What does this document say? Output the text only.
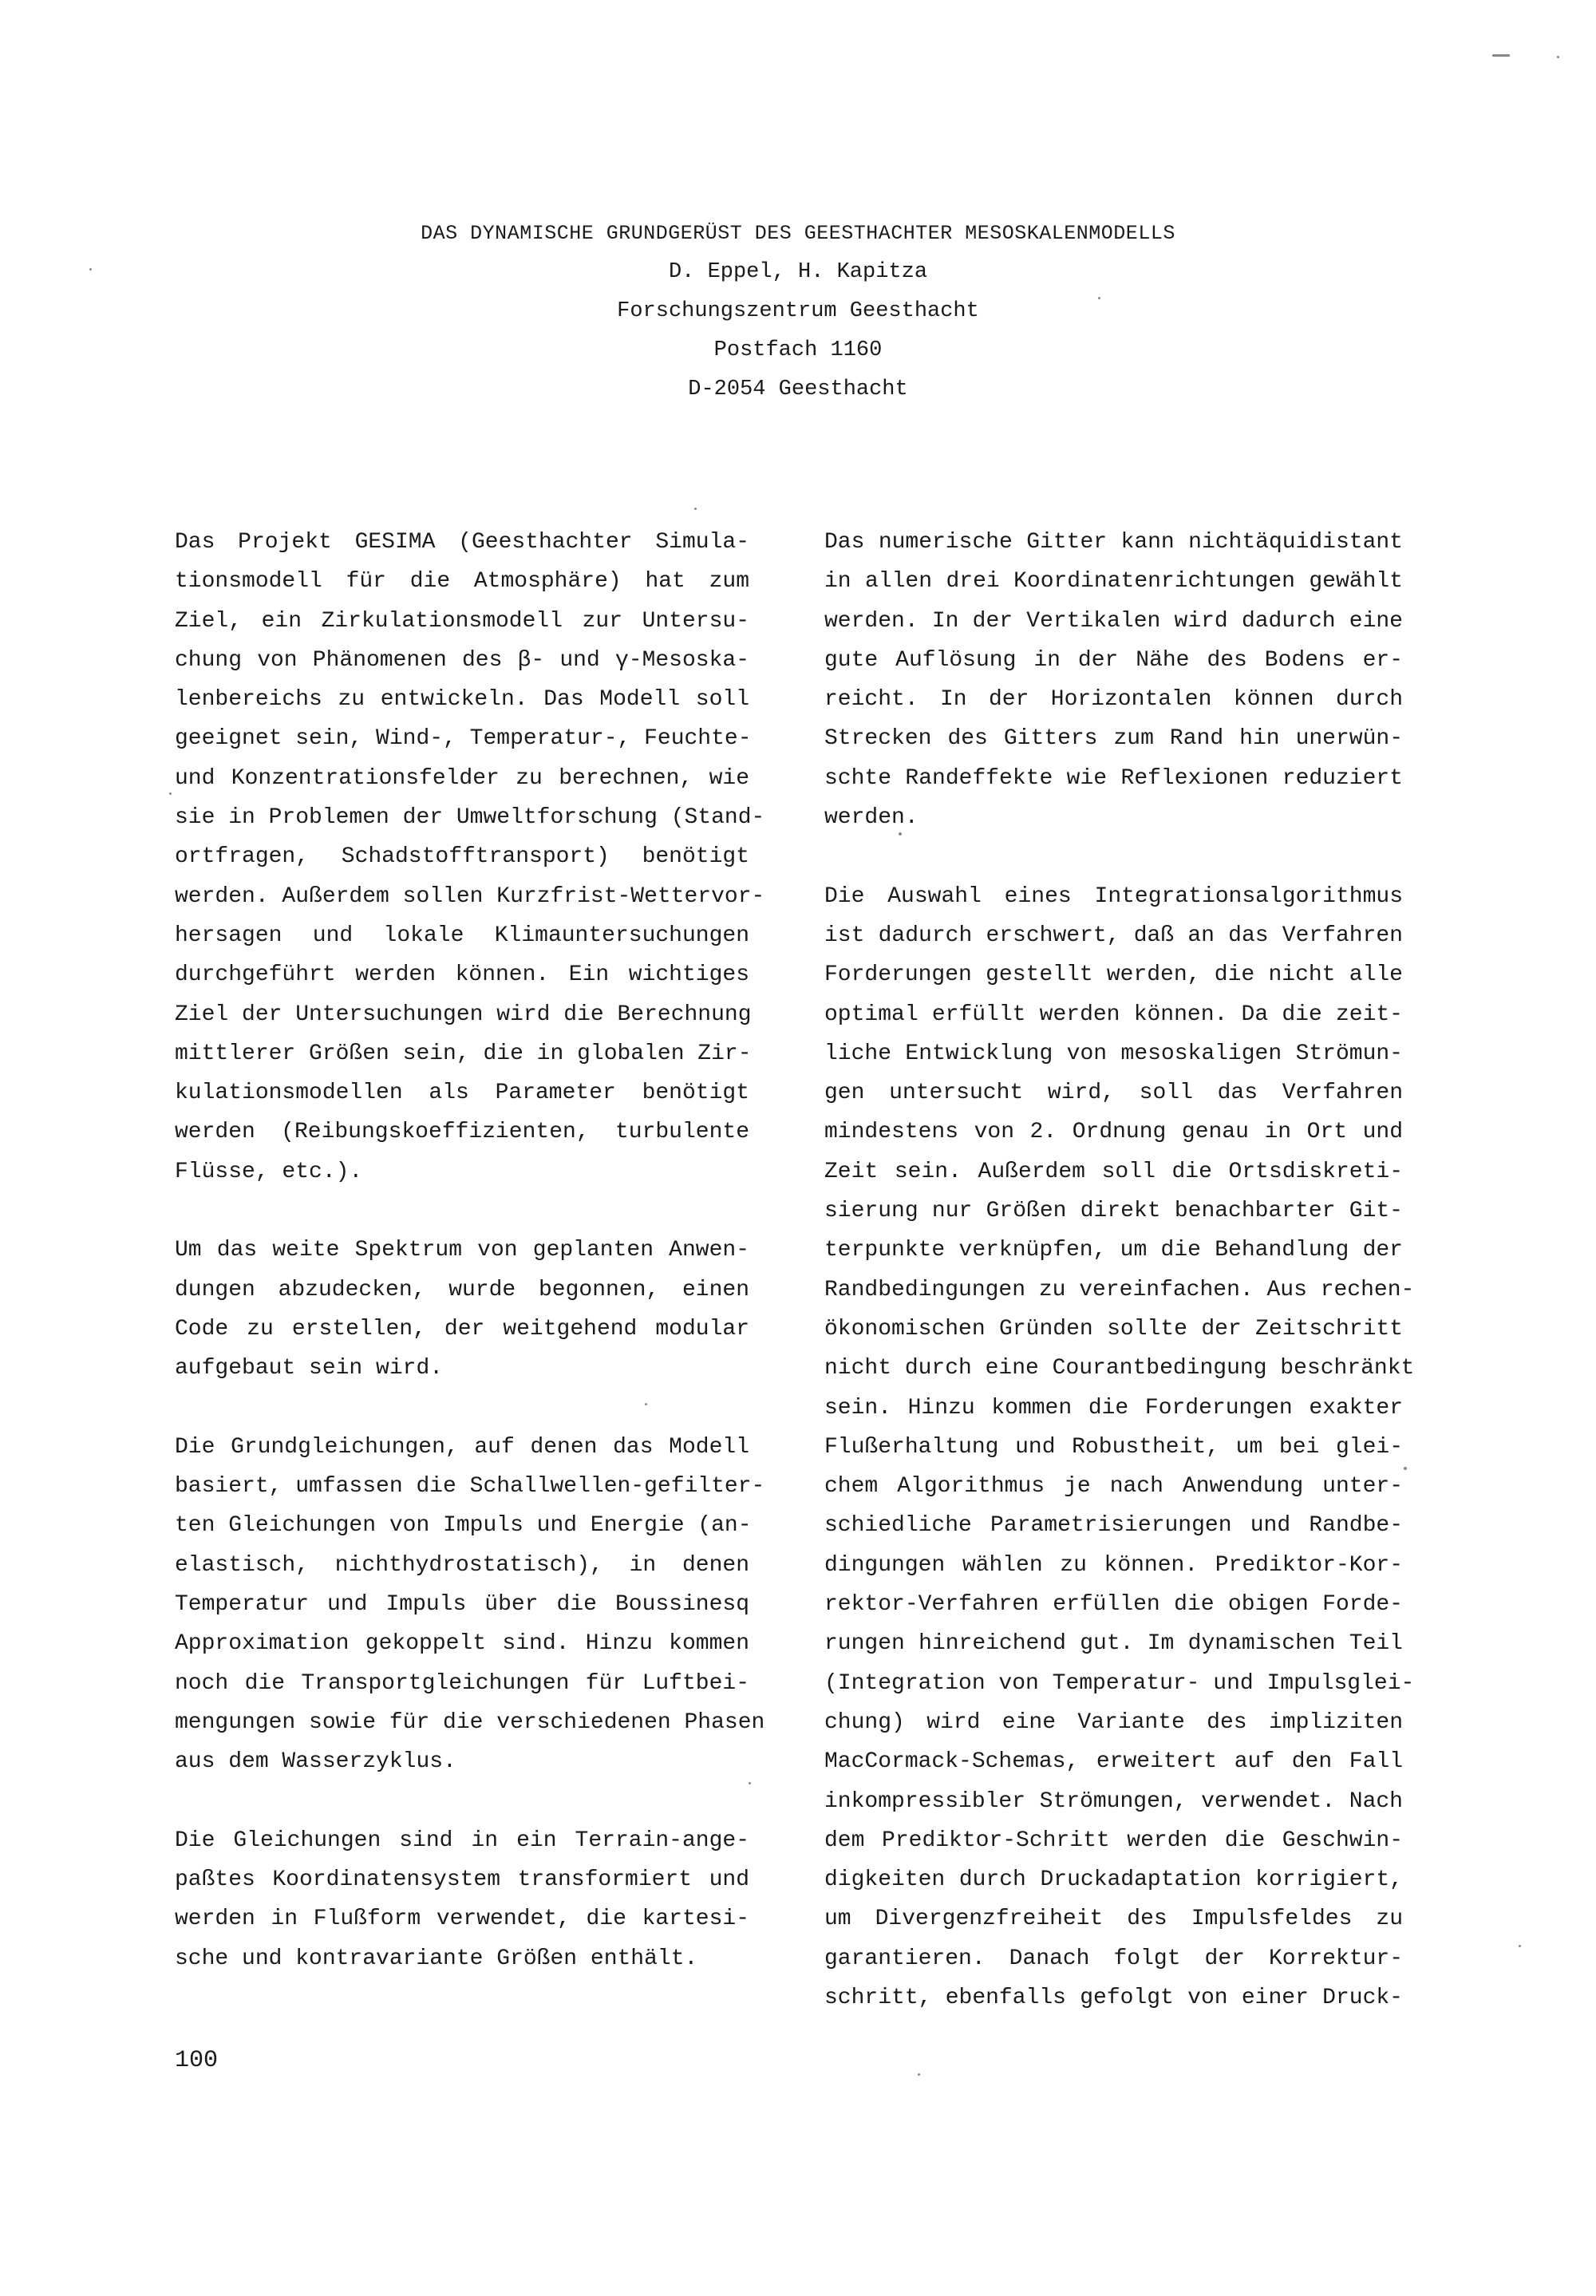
DAS DYNAMISCHE GRUNDGERÜST DES GEESTHACHTER MESOSKALENMODELLS
D. Eppel, H. Kapitza
Forschungszentrum Geesthacht
Postfach 1160
D-2054 Geesthacht
Das Projekt GESIMA (Geesthachter Simula-
tionsmodell für die Atmosphäre) hat zum
Ziel, ein Zirkulationsmodell zur Untersu-
chung von Phänomenen des β- und γ-Mesoska-
lenbereichs zu entwickeln. Das Modell soll
geeignet sein, Wind-, Temperatur-, Feuchte-
und Konzentrationsfelder zu berechnen, wie
sie in Problemen der Umweltforschung (Stand-
ortfragen, Schadstofftransport) benötigt
werden. Außerdem sollen Kurzfrist-Wettervor-
hersagen und lokale Klimauntersuchungen
durchgeführt werden können. Ein wichtiges
Ziel der Untersuchungen wird die Berechnung
mittlerer Größen sein, die in globalen Zir-
kulationsmodellen als Parameter benötigt
werden (Reibungskoeffizienten, turbulente
Flüsse, etc.).
Um das weite Spektrum von geplanten Anwen-
dungen abzudecken, wurde begonnen, einen
Code zu erstellen, der weitgehend modular
aufgebaut sein wird.
Die Grundgleichungen, auf denen das Modell
basiert, umfassen die Schallwellen-gefilter-
ten Gleichungen von Impuls und Energie (an-
elastisch, nichthydrostatisch), in denen
Temperatur und Impuls über die Boussinesq
Approximation gekoppelt sind. Hinzu kommen
noch die Transportgleichungen für Luftbei-
mengungen sowie für die verschiedenen Phasen
aus dem Wasserzyklus.
Die Gleichungen sind in ein Terrain-ange-
paßtes Koordinatensystem transformiert und
werden in Flußform verwendet, die kartesi-
sche und kontravariante Größen enthält.
Das numerische Gitter kann nichtäquidistant
in allen drei Koordinatenrichtungen gewählt
werden. In der Vertikalen wird dadurch eine
gute Auflösung in der Nähe des Bodens er-
reicht. In der Horizontalen können durch
Strecken des Gitters zum Rand hin unerwün-
schte Randeffekte wie Reflexionen reduziert
werden.
Die Auswahl eines Integrationsalgorithmus
ist dadurch erschwert, daß an das Verfahren
Forderungen gestellt werden, die nicht alle
optimal erfüllt werden können. Da die zeit-
liche Entwicklung von mesoskaligen Strömun-
gen untersucht wird, soll das Verfahren
mindestens von 2. Ordnung genau in Ort und
Zeit sein. Außerdem soll die Ortsdiskreti-
sierung nur Größen direkt benachbarter Git-
terpunkte verknüpfen, um die Behandlung der
Randbedingungen zu vereinfachen. Aus rechen-
ökonomischen Gründen sollte der Zeitschritt
nicht durch eine Courantbedingung beschränkt
sein. Hinzu kommen die Forderungen exakter
Flußerhaltung und Robustheit, um bei glei-
chem Algorithmus je nach Anwendung unter-
schiedliche Parametrisierungen und Randbe-
dingungen wählen zu können. Prediktor-Kor-
rektor-Verfahren erfüllen die obigen Forde-
rungen hinreichend gut. Im dynamischen Teil
(Integration von Temperatur- und Impulsglei-
chung) wird eine Variante des impliziten
MacCormack-Schemas, erweitert auf den Fall
inkompressibler Strömungen, verwendet. Nach
dem Prediktor-Schritt werden die Geschwin-
digkeiten durch Druckadaptation korrigiert,
um Divergenzfreiheit des Impulsfeldes zu
garantieren. Danach folgt der Korrektur-
schritt, ebenfalls gefolgt von einer Druck-
100
